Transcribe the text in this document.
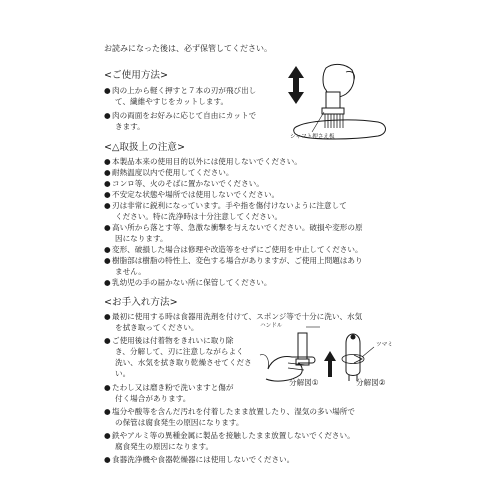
お読みになった後は、必ず保管してください。
<ご使用方法>
●肉の上から軽く押すと７本の刃が飛び出し
て、繊維やすじをカットします。
●肉の両面をお好みに応じて自由にカットで
きます。
シャフト押さえ板
<△取扱上の注意>
●本製品本来の使用目的以外には使用しないでください。
●耐熱温度以内で使用してください。
●コンロ等、火のそばに置かないでください。
●不安定な状態や場所では使用しないでください。
●刃は非常に鋭利になっています。手や指を傷付けないように注意して
ください。特に洗浄時は十分注意してください。
●高い所から落とす等、急激な衝撃を与えないでください。破損や変形の原
因になります。
●変形、破損した場合は修理や改造等をせずにご使用を中止してください。
●樹脂部は樹脂の特性上、変色する場合がありますが、ご使用上問題はあり
ません。
●乳幼児の手の届かない所に保管してください。
<お手入れ方法>
●最初に使用する時は食器用洗剤を付けて、スポンジ等で十分に洗い、水気
を拭き取ってください。
●ご使用後は付着物をきれいに取り除
き、分解して、刃に注意しながらよく
洗い、水気を拭き取り乾燥させてくださ
い。
●たわし又は磨き粉で洗いますと傷が
付く場合があります。
●塩分や酸等を含んだ汚れを付着したまま放置したり、湿気の多い場所で
の保管は腐食発生の原因になります。
●鉄やアルミ等の異種金属に製品を接触したまま放置しないでください。
腐食発生の原因になります。
●食器洗浄機や食器乾燥器には使用しないでください。
ハンドル
ツマミ
分解図①	分解図②
